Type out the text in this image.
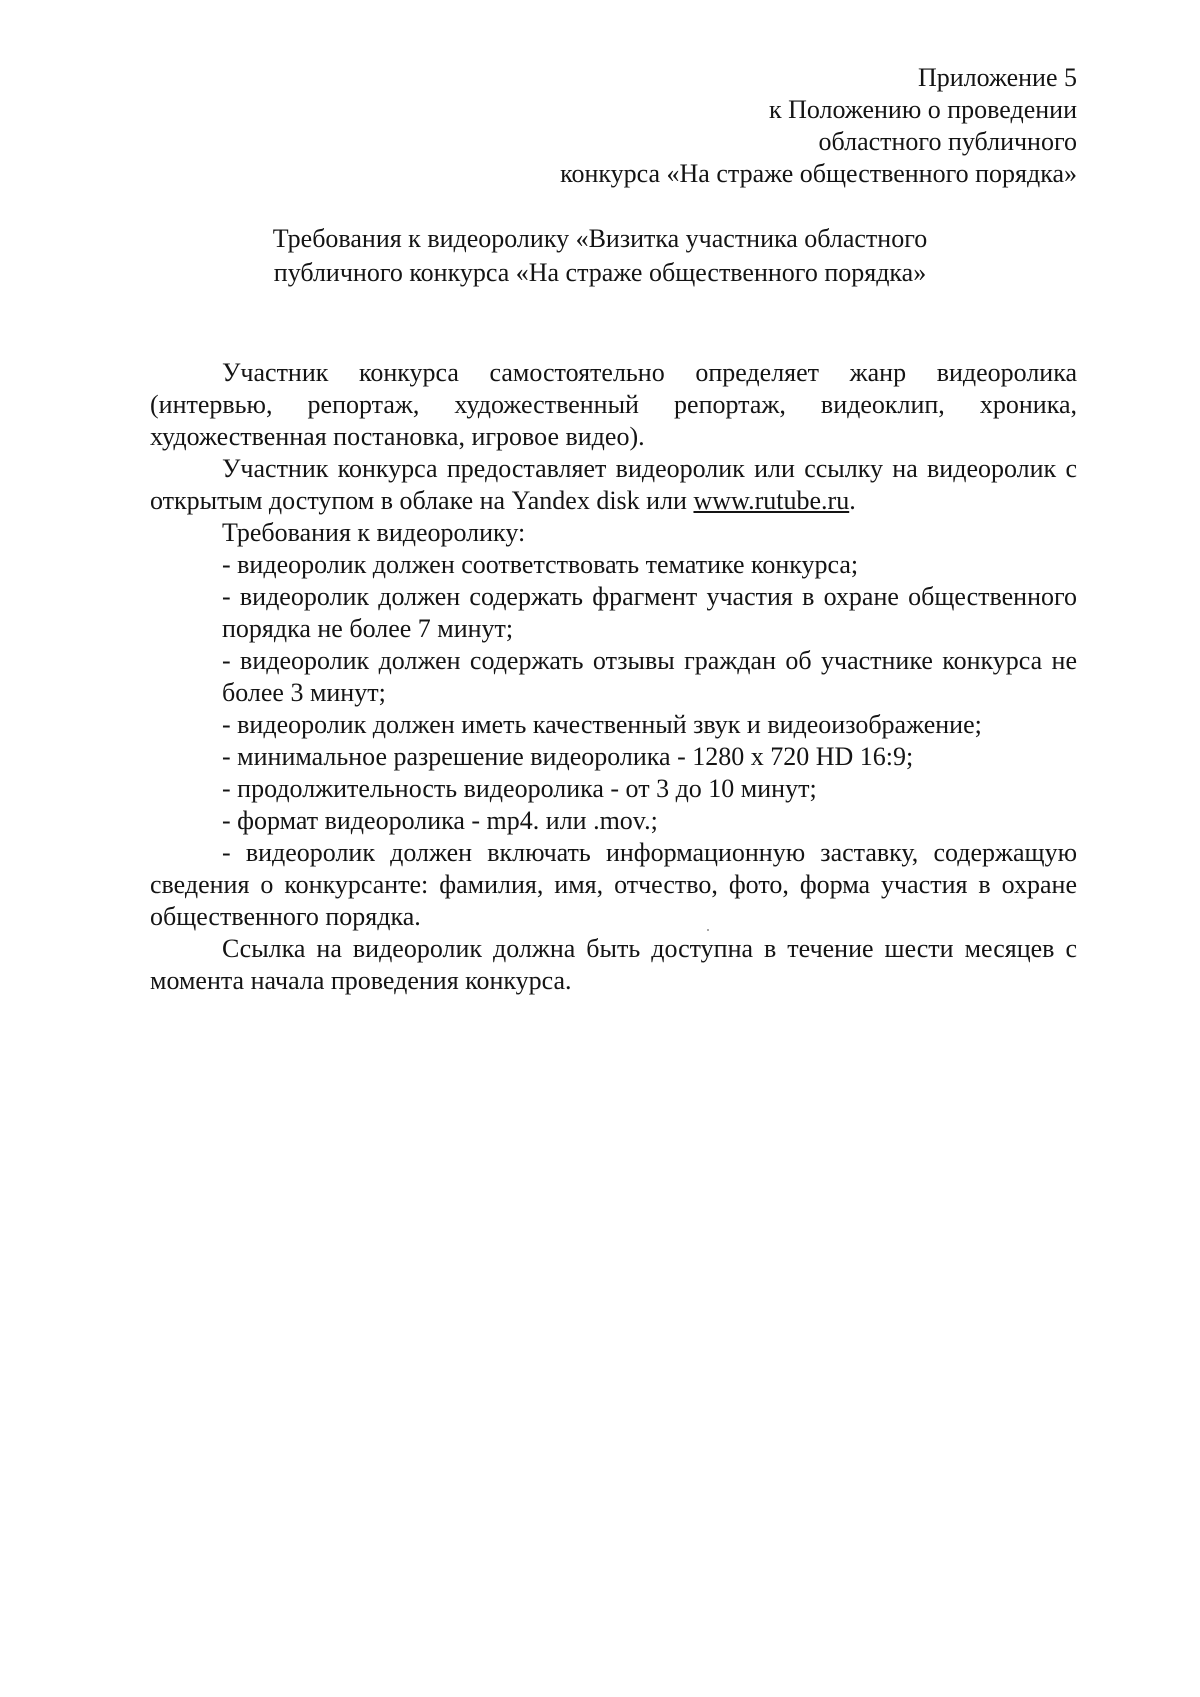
Приложение 5
к Положению о проведении
областного публичного
конкурса «На страже общественного порядка»
Требования к видеоролику «Визитка участника областного
публичного конкурса «На страже общественного порядка»

Участник конкурса самостоятельно определяет жанр видеоролика (интервью, репортаж, художественный репортаж, видеоклип, хроника, художественная постановка, игровое видео).

Участник конкурса предоставляет видеоролик или ссылку на видеоролик с открытым доступом в облаке на Yandex disk или www.rutube.ru.

Требования к видеоролику:

- видеоролик должен соответствовать тематике конкурса;

- видеоролик должен содержать фрагмент участия в охране общественного порядка не более 7 минут;

- видеоролик должен содержать отзывы граждан об участнике конкурса не более 3 минут;

- видеоролик должен иметь качественный звук и видеоизображение;

- минимальное разрешение видеоролика - 1280 x 720 HD 16:9;

- продолжительность видеоролика - от 3 до 10 минут;

- формат видеоролика - mp4. или .mov.;

- видеоролик должен включать информационную заставку, содержащую сведения о конкурсанте: фамилия, имя, отчество, фото, форма участия в охране общественного порядка.

Ссылка на видеоролик должна быть доступна в течение шести месяцев с момента начала проведения конкурса.
